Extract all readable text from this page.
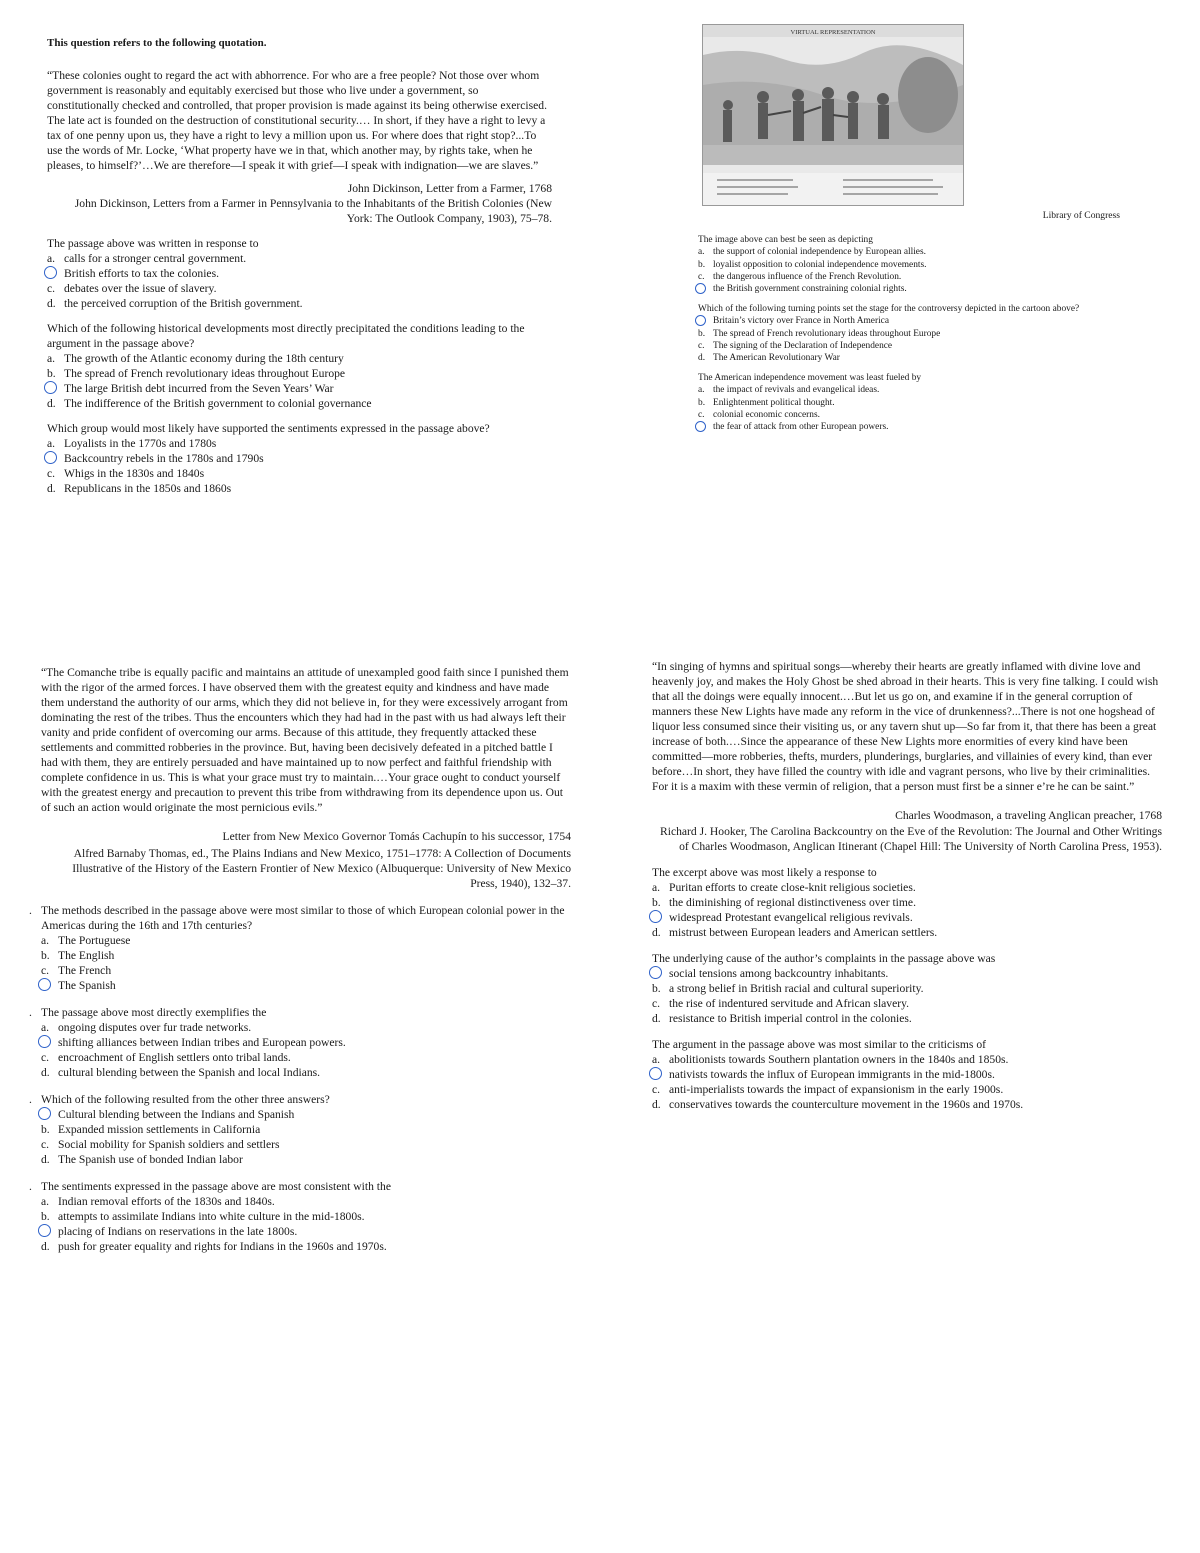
This question refers to the following quotation.

“These colonies ought to regard the act with abhorrence. For who are a free people? Not those over whom government is reasonably and equitably exercised but those who live under a government, so constitutionally checked and controlled, that proper provision is made against its being otherwise exercised. The late act is founded on the destruction of constitutional security.… In short, if they have a right to levy a tax of one penny upon us, they have a right to levy a million upon us. For where does that right stop?...To use the words of Mr. Locke, ‘What property have we in that, which another may, by rights take, when he pleases, to himself?’…We are therefore—I speak it with grief—I speak with indignation—we are slaves.”

John Dickinson, Letter from a Farmer, 1768

John Dickinson, Letters from a Farmer in Pennsylvania to the Inhabitants of the British Colonies (New York: The Outlook Company, 1903), 75–78.

The passage above was written in response to

a. calls for a stronger central government.

British efforts to tax the colonies.

c. debates over the issue of slavery.

d. the perceived corruption of the British government.

Which of the following historical developments most directly precipitated the conditions leading to the argument in the passage above?

a. The growth of the Atlantic economy during the 18th century

b. The spread of French revolutionary ideas throughout Europe

The large British debt incurred from the Seven Years’ War

d. The indifference of the British government to colonial governance

Which group would most likely have supported the sentiments expressed in the passage above?

a. Loyalists in the 1770s and 1780s

Backcountry rebels in the 1780s and 1790s

c. Whigs in the 1830s and 1840s

d. Republicans in the 1850s and 1860s

VIRTUAL REPRESENTATION

Library of Congress

The image above can best be seen as depicting

a. the support of colonial independence by European allies.

b. loyalist opposition to colonial independence movements.

c. the dangerous influence of the French Revolution.

the British government constraining colonial rights.

Which of the following turning points set the stage for the controversy depicted in the cartoon above?

Britain’s victory over France in North America

b. The spread of French revolutionary ideas throughout Europe

c. The signing of the Declaration of Independence

d. The American Revolutionary War

The American independence movement was least fueled by

a. the impact of revivals and evangelical ideas.

b. Enlightenment political thought.

c. colonial economic concerns.

the fear of attack from other European powers.

“The Comanche tribe is equally pacific and maintains an attitude of unexampled good faith since I punished them with the rigor of the armed forces. I have observed them with the greatest equity and kindness and have made them understand the authority of our arms, which they did not believe in, for they were excessively arrogant from dominating the rest of the tribes. Thus the encounters which they had had in the past with us had always left their vanity and pride confident of overcoming our arms. Because of this attitude, they frequently attacked these settlements and committed robberies in the province. But, having been decisively defeated in a pitched battle I had with them, they are entirely persuaded and have maintained up to now perfect and faithful friendship with complete confidence in us. This is what your grace must try to maintain.…Your grace ought to conduct yourself with the greatest energy and precaution to prevent this tribe from withdrawing from its dependence upon us. Out of such an action would originate the most pernicious evils.”

Letter from New Mexico Governor Tomás Cachupín to his successor, 1754

Alfred Barnaby Thomas, ed., The Plains Indians and New Mexico, 1751–1778: A Collection of Documents Illustrative of the History of the Eastern Frontier of New Mexico (Albuquerque: University of New Mexico Press, 1940), 132–37.

. The methods described in the passage above were most similar to those of which European colonial power in the Americas during the 16th and 17th centuries?

a. The Portuguese

b. The English

c. The French

The Spanish

. The passage above most directly exemplifies the

a. ongoing disputes over fur trade networks.

shifting alliances between Indian tribes and European powers.

c. encroachment of English settlers onto tribal lands.

d. cultural blending between the Spanish and local Indians.

. Which of the following resulted from the other three answers?

Cultural blending between the Indians and Spanish

b. Expanded mission settlements in California

c. Social mobility for Spanish soldiers and settlers

d. The Spanish use of bonded Indian labor

. The sentiments expressed in the passage above are most consistent with the

a. Indian removal efforts of the 1830s and 1840s.

b. attempts to assimilate Indians into white culture in the mid-1800s.

placing of Indians on reservations in the late 1800s.

d. push for greater equality and rights for Indians in the 1960s and 1970s.

“In singing of hymns and spiritual songs—whereby their hearts are greatly inflamed with divine love and heavenly joy, and makes the Holy Ghost be shed abroad in their hearts. This is very fine talking. I could wish that all the doings were equally innocent.…But let us go on, and examine if in the general corruption of manners these New Lights have made any reform in the vice of drunkenness?...There is not one hogshead of liquor less consumed since their visiting us, or any tavern shut up—So far from it, that there has been a great increase of both.…Since the appearance of these New Lights more enormities of every kind have been committed—more robberies, thefts, murders, plunderings, burglaries, and villainies of every kind, than ever before…In short, they have filled the country with idle and vagrant persons, who live by their criminalities. For it is a maxim with these vermin of religion, that a person must first be a sinner e’re he can be saint.”

Charles Woodmason, a traveling Anglican preacher, 1768

Richard J. Hooker, The Carolina Backcountry on the Eve of the Revolution: The Journal and Other Writings of Charles Woodmason, Anglican Itinerant (Chapel Hill: The University of North Carolina Press, 1953).

The excerpt above was most likely a response to

a. Puritan efforts to create close-knit religious societies.

b. the diminishing of regional distinctiveness over time.

widespread Protestant evangelical religious revivals.

d. mistrust between European leaders and American settlers.

The underlying cause of the author’s complaints in the passage above was

social tensions among backcountry inhabitants.

b. a strong belief in British racial and cultural superiority.

c. the rise of indentured servitude and African slavery.

d. resistance to British imperial control in the colonies.

The argument in the passage above was most similar to the criticisms of

a. abolitionists towards Southern plantation owners in the 1840s and 1850s.

nativists towards the influx of European immigrants in the mid-1800s.

c. anti-imperialists towards the impact of expansionism in the early 1900s.

d. conservatives towards the counterculture movement in the 1960s and 1970s.
